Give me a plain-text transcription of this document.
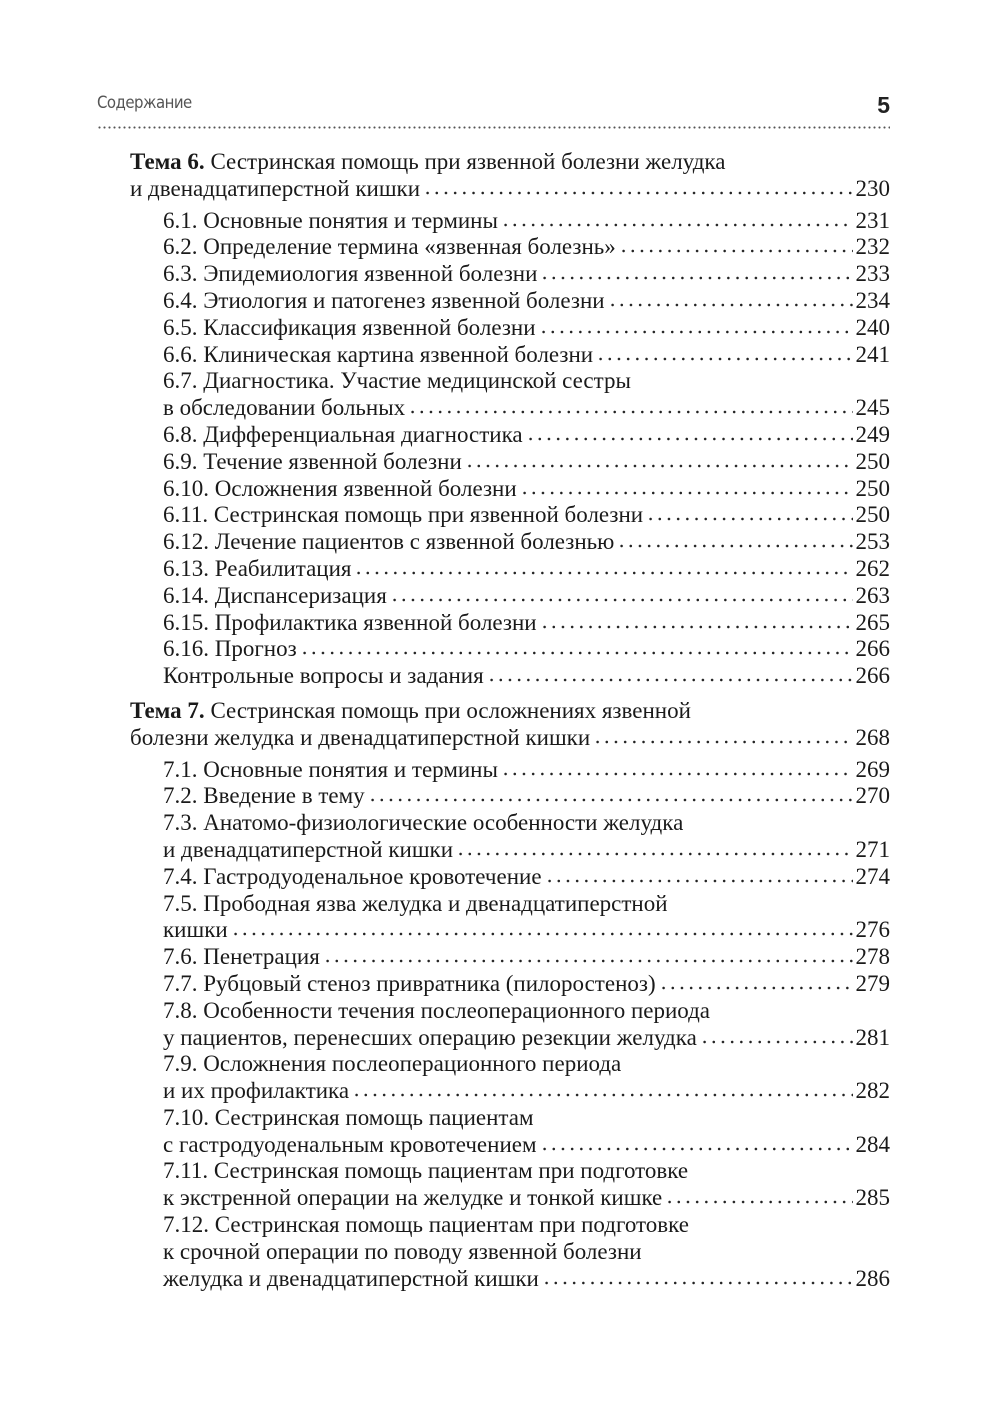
Содержание	5
Тема 6.
Сестринская помощь при язвенной болезни желудка
и двенадцатиперстной кишки	230
6.1. Основные понятия и термины	231
6.2. Определение термина «язвенная болезнь»	232
6.3. Эпидемиология язвенной болезни	233
6.4. Этиология и патогенез язвенной болезни	234
6.5. Классификация язвенной болезни	240
6.6. Клиническая картина язвенной болезни	241
6.7. Диагностика. Участие медицинской сестры
в обследовании больных	245
6.8. Дифференциальная диагностика	249
6.9. Течение язвенной болезни	250
6.10. Осложнения язвенной болезни	250
6.11. Сестринская помощь при язвенной болезни	250
6.12. Лечение пациентов с язвенной болезнью	253
6.13. Реабилитация	262
6.14. Диспансеризация	263
6.15. Профилактика язвенной болезни	265
6.16. Прогноз	266
Контрольные вопросы и задания	266
Тема 7.
Сестринская помощь при осложнениях язвенной
болезни желудка и двенадцатиперстной кишки	268
7.1. Основные понятия и термины	269
7.2. Введение в тему	270
7.3. Анатомо-физиологические особенности желудка
и двенадцатиперстной кишки	271
7.4. Гастродуоденальное кровотечение	274
7.5. Прободная язва желудка и двенадцатиперстной
кишки	276
7.6. Пенетрация	278
7.7. Рубцовый стеноз привратника (пилоростеноз)	279
7.8. Особенности течения послеоперационного периода
у пациентов, перенесших операцию резекции желудка	281
7.9. Осложнения послеоперационного периода
и их профилактика	282
7.10. Сестринская помощь пациентам
с гастродуоденальным кровотечением	284
7.11. Сестринская помощь пациентам при подготовке
к экстренной операции на желудке и тонкой кишке	285
7.12. Сестринская помощь пациентам при подготовке
к срочной операции по поводу язвенной болезни
желудка и двенадцатиперстной кишки	286
